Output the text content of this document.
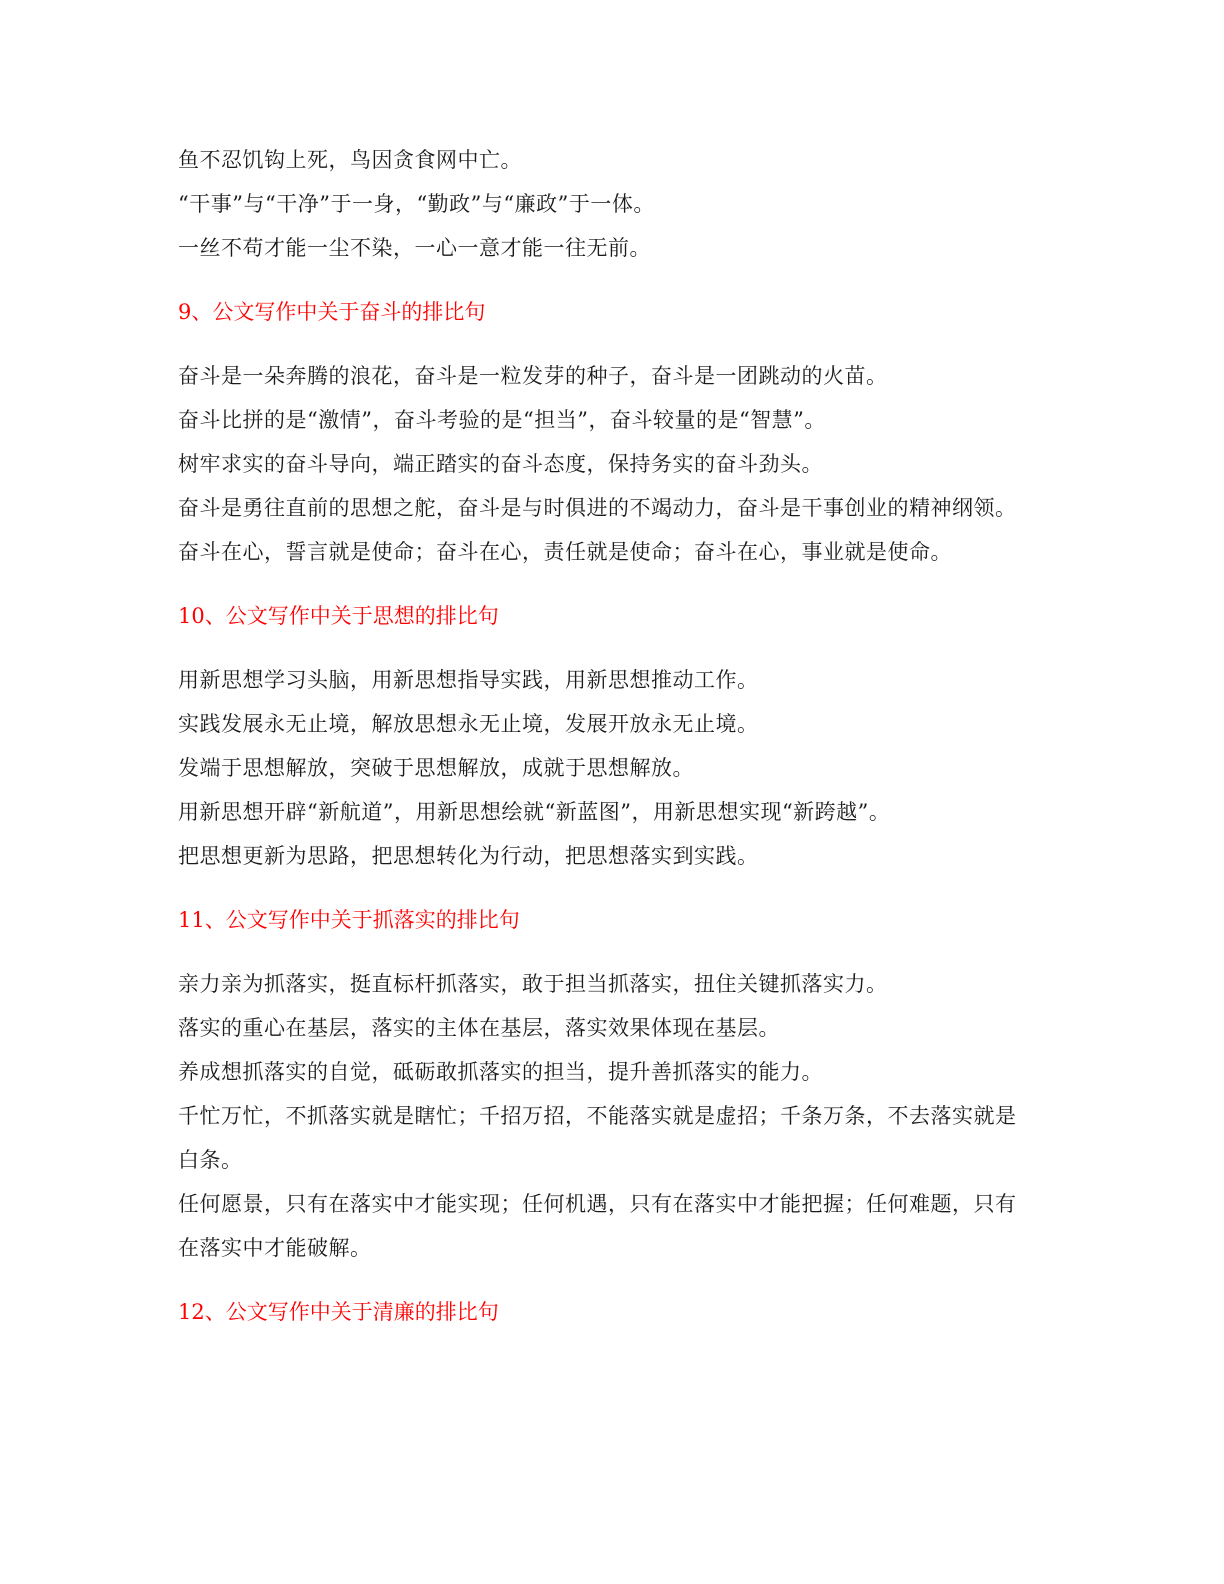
鱼不忍饥钩上死，鸟因贪食网中亡。
“干事”与“干净”于一身，“勤政”与“廉政”于一体。
一丝不苟才能一尘不染，一心一意才能一往无前。
9、公文写作中关于奋斗的排比句
奋斗是一朵奔腾的浪花，奋斗是一粒发芽的种子，奋斗是一团跳动的火苗。
奋斗比拼的是“激情”，奋斗考验的是“担当”，奋斗较量的是“智慧”。
树牢求实的奋斗导向，端正踏实的奋斗态度，保持务实的奋斗劲头。
奋斗是勇往直前的思想之舵，奋斗是与时俱进的不竭动力，奋斗是干事创业的精神纲领。
奋斗在心，誓言就是使命；奋斗在心，责任就是使命；奋斗在心，事业就是使命。
10、公文写作中关于思想的排比句
用新思想学习头脑，用新思想指导实践，用新思想推动工作。
实践发展永无止境，解放思想永无止境，发展开放永无止境。
发端于思想解放，突破于思想解放，成就于思想解放。
用新思想开辟“新航道”，用新思想绘就“新蓝图”，用新思想实现“新跨越”。
把思想更新为思路，把思想转化为行动，把思想落实到实践。
11、公文写作中关于抓落实的排比句
亲力亲为抓落实，挺直标杆抓落实，敢于担当抓落实，扭住关键抓落实力。
落实的重心在基层，落实的主体在基层，落实效果体现在基层。
养成想抓落实的自觉，砥砺敢抓落实的担当，提升善抓落实的能力。
千忙万忙，不抓落实就是瞎忙；千招万招，不能落实就是虚招；千条万条，不去落实就是白条。
任何愿景，只有在落实中才能实现；任何机遇，只有在落实中才能把握；任何难题，只有在落实中才能破解。
12、公文写作中关于清廉的排比句
